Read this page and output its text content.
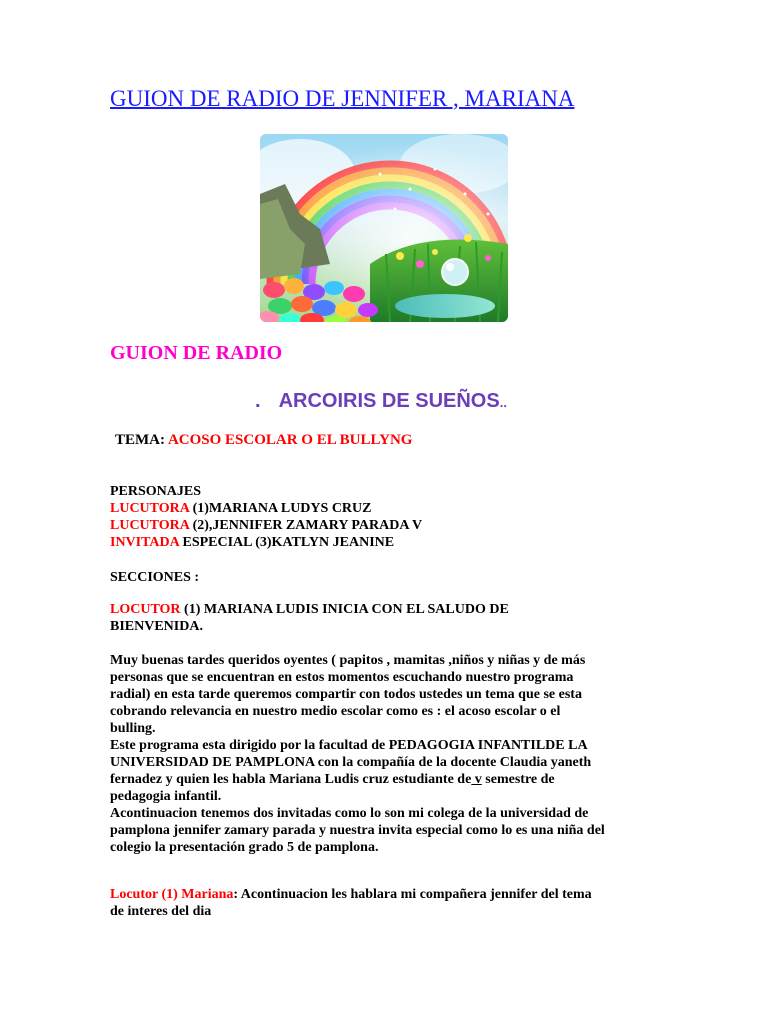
GUION DE RADIO DE JENNIFER , MARIANA
GUION DE RADIO
. ARCOIRIS DE SUEÑOS..
TEMA: ACOSO ESCOLAR O EL BULLYNG
PERSONAJES
LUCUTORA (1)MARIANA LUDYS CRUZ
LUCUTORA (2),JENNIFER ZAMARY PARADA V
INVITADA ESPECIAL (3)KATLYN JEANINE
SECCIONES :
LOCUTOR (1) MARIANA LUDIS INICIA CON EL SALUDO DE
BIENVENIDA.
Muy buenas tardes queridos oyentes ( papitos , mamitas ,niños y niñas y de más
personas que se encuentran en estos momentos escuchando nuestro programa
radial) en esta tarde queremos compartir con todos ustedes un tema que se esta
cobrando relevancia en nuestro medio escolar como es : el acoso escolar o el
bulling.
Este programa esta dirigido por la facultad de PEDAGOGIA INFANTILDE LA
UNIVERSIDAD DE PAMPLONA con la compañía de la docente Claudia yaneth
fernadez y quien les habla Mariana Ludis cruz estudiante de v semestre de
pedagogia infantil.
Acontinuacion tenemos dos invitadas como lo son mi colega de la universidad de
pamplona jennifer zamary parada y nuestra invita especial como lo es una niña del
colegio la presentación grado 5 de pamplona.
Locutor (1) Mariana: Acontinuacion les hablara mi compañera jennifer del tema
de interes del dia
